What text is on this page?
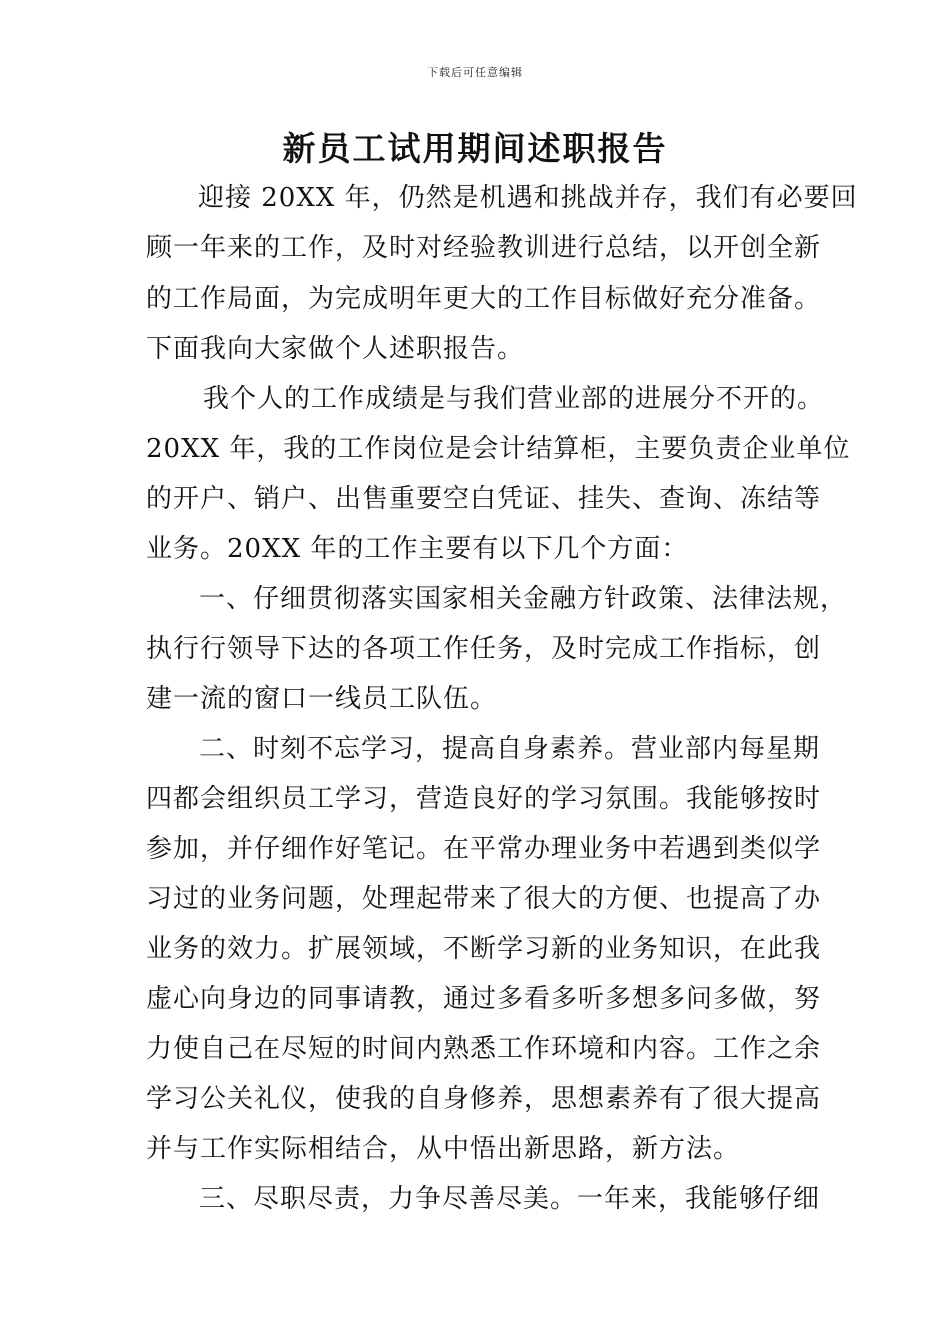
下载后可任意编辑
新员工试用期间述职报告
迎接 20XX 年，仍然是机遇和挑战并存，我们有必要回
顾一年来的工作，及时对经验教训进行总结，以开创全新
的工作局面，为完成明年更大的工作目标做好充分准备。
下面我向大家做个人述职报告。
我个人的工作成绩是与我们营业部的进展分不开的。
20XX 年，我的工作岗位是会计结算柜，主要负责企业单位
的开户、销户、出售重要空白凭证、挂失、查询、冻结等
业务。20XX 年的工作主要有以下几个方面：
一、仔细贯彻落实国家相关金融方针政策、法律法规，
执行行领导下达的各项工作任务，及时完成工作指标，创
建一流的窗口一线员工队伍。
二、时刻不忘学习，提高自身素养。营业部内每星期
四都会组织员工学习，营造良好的学习氛围。我能够按时
参加，并仔细作好笔记。在平常办理业务中若遇到类似学
习过的业务问题，处理起带来了很大的方便、也提高了办
业务的效力。扩展领域，不断学习新的业务知识，在此我
虚心向身边的同事请教，通过多看多听多想多问多做，努
力使自己在尽短的时间内熟悉工作环境和内容。工作之余
学习公关礼仪，使我的自身修养，思想素养有了很大提高
并与工作实际相结合，从中悟出新思路，新方法。
三、尽职尽责，力争尽善尽美。一年来，我能够仔细
